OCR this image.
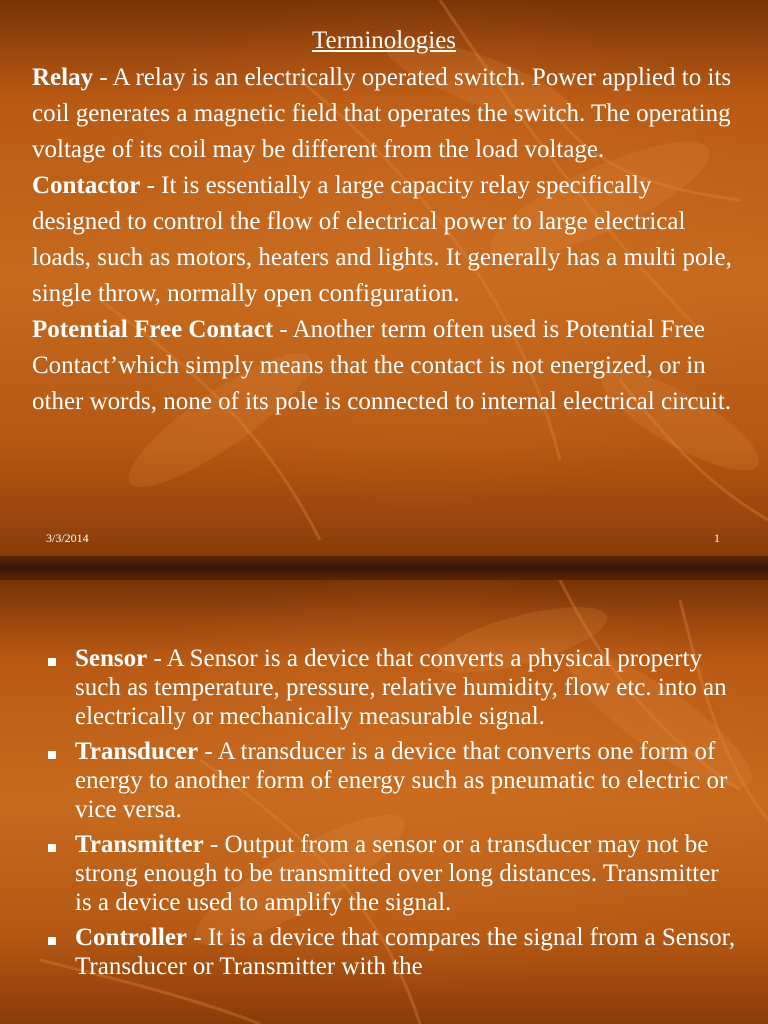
Terminologies

Relay - A relay is an electrically operated switch. Power applied to its coil generates a magnetic field that operates the switch. The operating voltage of its coil may be different from the load voltage.

Contactor - It is essentially a large capacity relay specifically designed to control the flow of electrical power to large electrical loads, such as motors, heaters and lights. It generally has a multi pole, single throw, normally open configuration.

Potential Free Contact - Another term often used is Potential Free Contact’which simply means that the contact is not energized, or in other words, none of its pole is connected to internal electrical circuit.

3/3/2014	1
Sensor - A Sensor is a device that converts a physical property such as temperature, pressure, relative humidity, flow etc. into an electrically or mechanically measurable signal.
Transducer - A transducer is a device that converts one form of energy to another form of energy such as pneumatic to electric or vice versa.
Transmitter - Output from a sensor or a transducer may not be strong enough to be transmitted over long distances. Transmitter is a device used to amplify the signal.
Controller - It is a device that compares the signal from a Sensor, Transducer or Transmitter with the
